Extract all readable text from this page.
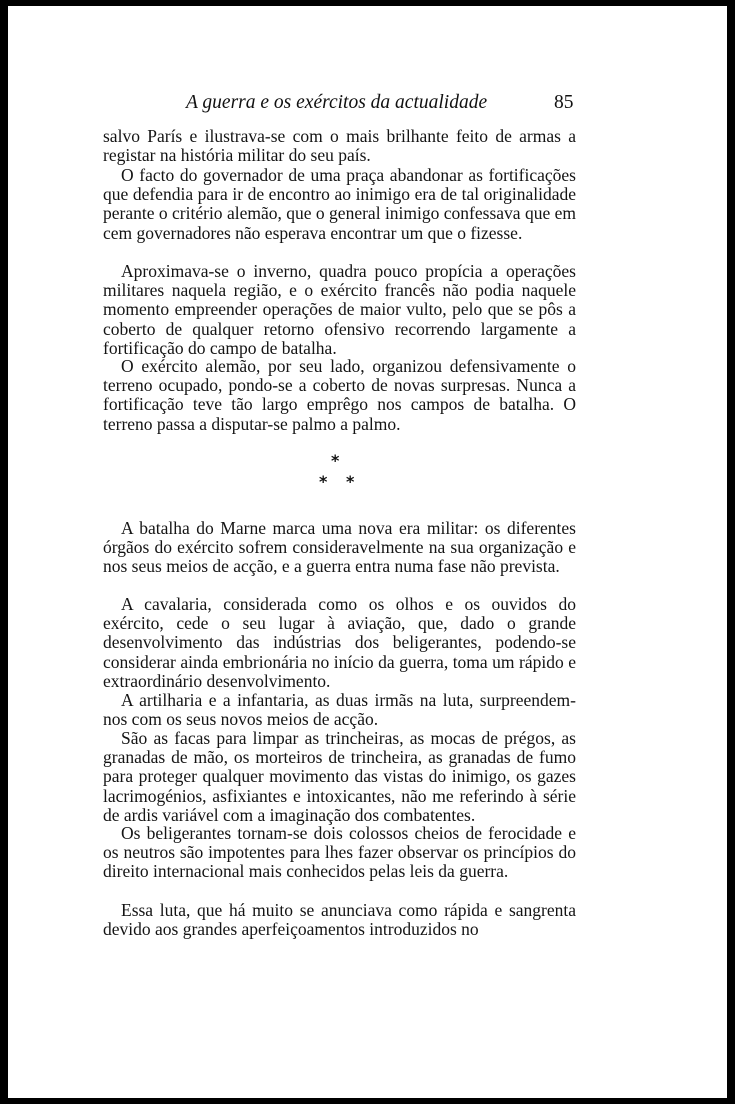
A guerra e os exércitos da actualidade	85

salvo París e ilustrava-se com o mais brilhante feito de armas a registar na história militar do seu país.

O facto do governador de uma praça abandonar as fortificações que defendia para ir de encontro ao inimigo era de tal originalidade perante o critério alemão, que o general inimigo confessava que em cem governadores não esperava encontrar um que o fizesse.

Aproximava-se o inverno, quadra pouco propícia a operações militares naquela região, e o exército francês não podia naquele momento empreender operações de maior vulto, pelo que se pôs a coberto de qualquer retorno ofensivo recorrendo largamente a fortificação do campo de batalha.

O exército alemão, por seu lado, organizou defensivamente o terreno ocupado, pondo-se a coberto de novas surpresas. Nunca a fortificação teve tão largo emprêgo nos campos de batalha. O terreno passa a disputar-se palmo a palmo.

*
* *

A batalha do Marne marca uma nova era militar: os diferentes órgãos do exército sofrem consideravelmente na sua organização e nos seus meios de acção, e a guerra entra numa fase não prevista.

A cavalaria, considerada como os olhos e os ouvidos do exército, cede o seu lugar à aviação, que, dado o grande desenvolvimento das indústrias dos beligerantes, podendo-se considerar ainda embrionária no início da guerra, toma um rápido e extraordinário desenvolvimento.

A artilharia e a infantaria, as duas irmãs na luta, surpreendem-nos com os seus novos meios de acção.

São as facas para limpar as trincheiras, as mocas de prégos, as granadas de mão, os morteiros de trincheira, as granadas de fumo para proteger qualquer movimento das vistas do inimigo, os gazes lacrimogénios, asfixiantes e intoxicantes, não me referindo à série de ardis variável com a imaginação dos combatentes.

Os beligerantes tornam-se dois colossos cheios de ferocidade e os neutros são impotentes para lhes fazer observar os princípios do direito internacional mais conhecidos pelas leis da guerra.

Essa luta, que há muito se anunciava como rápida e sangrenta devido aos grandes aperfeiçoamentos introduzidos no
